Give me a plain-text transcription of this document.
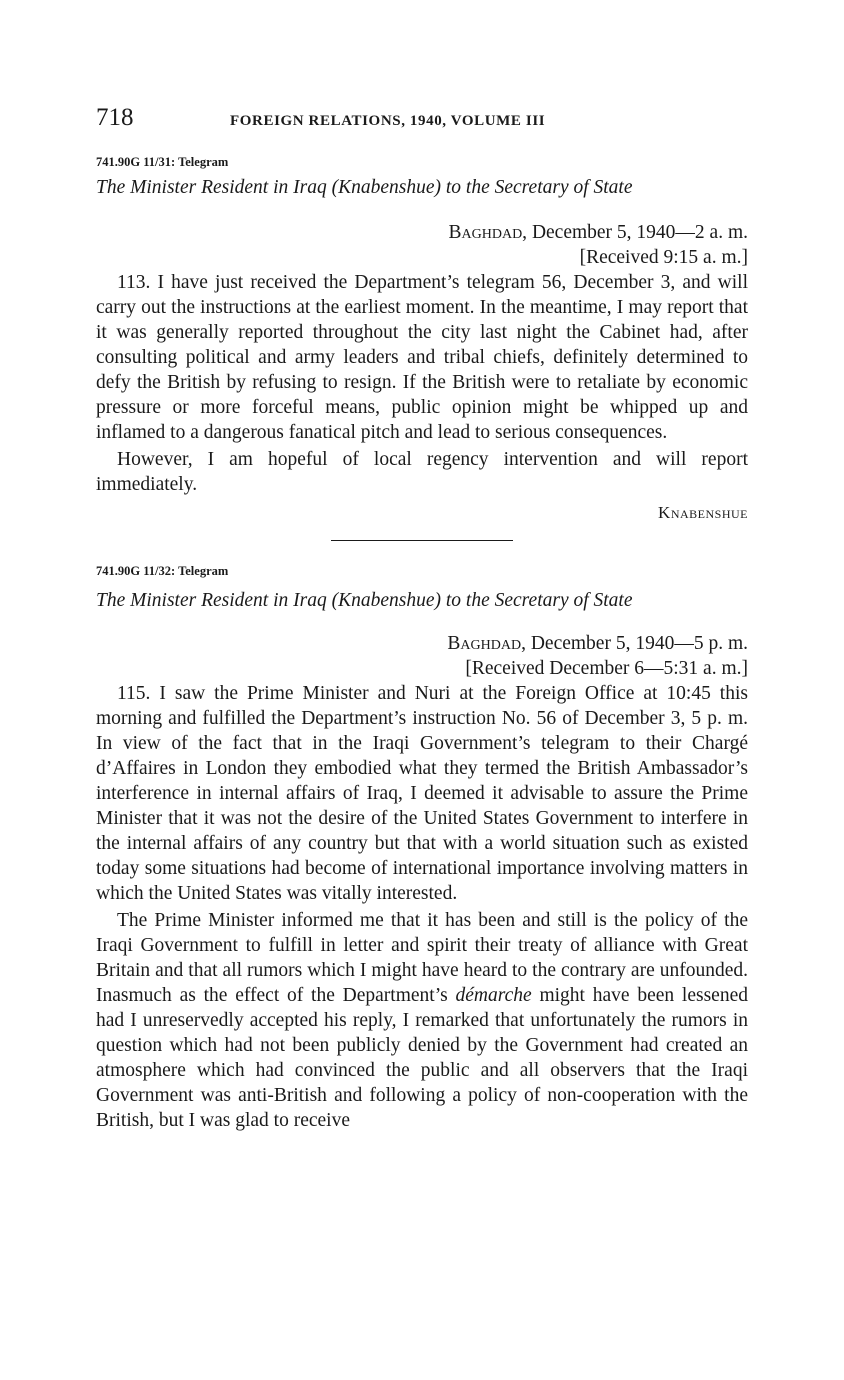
718	FOREIGN RELATIONS, 1940, VOLUME III
741.90G 11/31: Telegram
The Minister Resident in Iraq (Knabenshue) to the Secretary of State
Baghdad, December 5, 1940—2 a. m.
[Received 9:15 a. m.]

113. I have just received the Department’s telegram 56, December 3, and will carry out the instructions at the earliest moment. In the meantime, I may report that it was generally reported throughout the city last night the Cabinet had, after consulting political and army leaders and tribal chiefs, definitely determined to defy the British by refusing to resign. If the British were to retaliate by economic pressure or more forceful means, public opinion might be whipped up and inflamed to a dangerous fanatical pitch and lead to serious consequences.

However, I am hopeful of local regency intervention and will report immediately.

Knabenshue
741.90G 11/32: Telegram
The Minister Resident in Iraq (Knabenshue) to the Secretary of State
Baghdad, December 5, 1940—5 p. m.
[Received December 6—5:31 a. m.]

115. I saw the Prime Minister and Nuri at the Foreign Office at 10:45 this morning and fulfilled the Department’s instruction No. 56 of December 3, 5 p. m. In view of the fact that in the Iraqi Government’s telegram to their Chargé d’Affaires in London they embodied what they termed the British Ambassador’s interference in internal affairs of Iraq, I deemed it advisable to assure the Prime Minister that it was not the desire of the United States Government to interfere in the internal affairs of any country but that with a world situation such as existed today some situations had become of international importance involving matters in which the United States was vitally interested.

The Prime Minister informed me that it has been and still is the policy of the Iraqi Government to fulfill in letter and spirit their treaty of alliance with Great Britain and that all rumors which I might have heard to the contrary are unfounded. Inasmuch as the effect of the Department’s démarche might have been lessened had I unreservedly accepted his reply, I remarked that unfortunately the rumors in question which had not been publicly denied by the Government had created an atmosphere which had convinced the public and all observers that the Iraqi Government was anti-British and following a policy of non-cooperation with the British, but I was glad to receive
